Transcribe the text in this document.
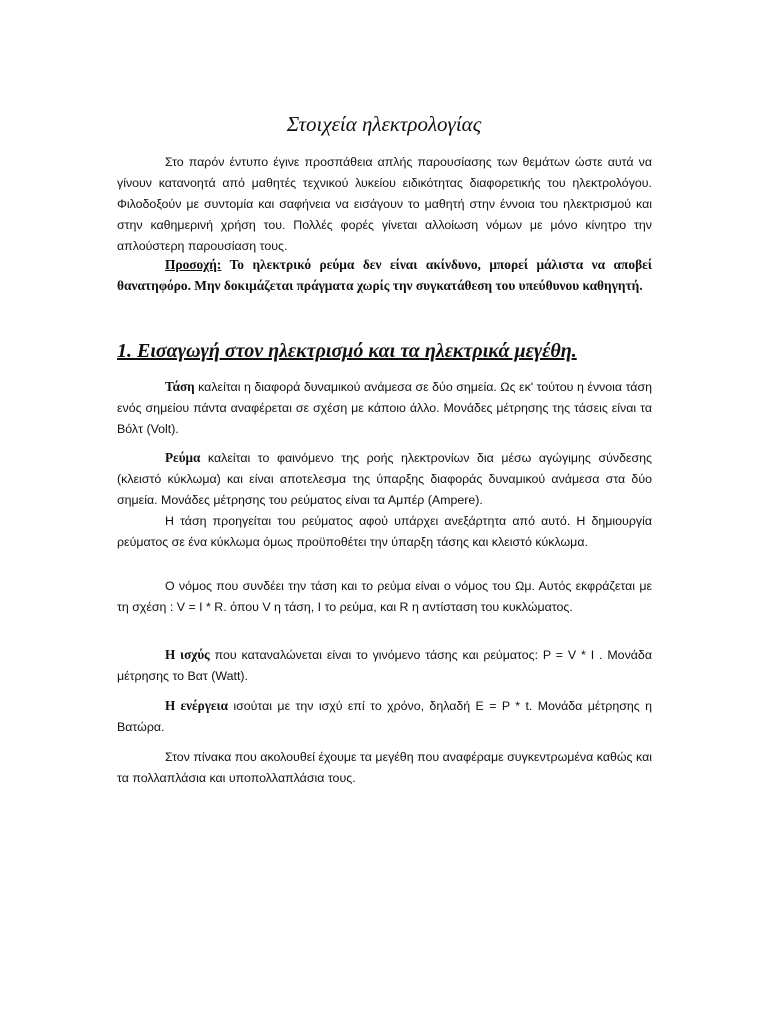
Στοιχεία ηλεκτρολογίας

Στο παρόν έντυπο έγινε προσπάθεια απλής παρουσίασης των θεμάτων ώστε αυτά να γίνουν κατανοητά από μαθητές τεχνικού λυκείου ειδικότητας διαφορετικής του ηλεκτρολόγου. Φιλοδοξούν με συντομία και σαφήνεια να εισάγουν το μαθητή στην έννοια του ηλεκτρισμού και στην καθημερινή χρήση του. Πολλές φορές γίνεται αλλοίωση νόμων με μόνο κίνητρο την απλούστερη παρουσίαση τους.

Προσοχή: Το ηλεκτρικό ρεύμα δεν είναι ακίνδυνο, μπορεί μάλιστα να αποβεί θανατηφόρο. Μην δοκιμάζεται πράγματα χωρίς την συγκατάθεση του υπεύθυνου καθηγητή.

1. Εισαγωγή στον ηλεκτρισμό και τα ηλεκτρικά μεγέθη.

Τάση καλείται η διαφορά δυναμικού ανάμεσα σε δύο σημεία. Ως εκ' τούτου η έννοια τάση ενός σημείου πάντα αναφέρεται σε σχέση με κάποιο άλλο. Μονάδες μέτρησης της τάσεις είναι τα Βόλτ (Volt).

Ρεύμα καλείται το φαινόμενο της ροής ηλεκτρονίων δια μέσω αγώγιμης σύνδεσης (κλειστό κύκλωμα) και είναι αποτελεσμα της ύπαρξης διαφοράς δυναμικού ανάμεσα στα δύο σημεία. Μονάδες μέτρησης του ρεύματος είναι τα Αμπέρ (Ampere).

Η τάση προηγείται του ρεύματος αφού υπάρχει ανεξάρτητα από αυτό. Η δημιουργία ρεύματος σε ένα κύκλωμα όμως προϋποθέτει την ύπαρξη τάσης και κλειστό κύκλωμα.

Ο νόμος που συνδέει την τάση και το ρεύμα είναι ο νόμος του Ωμ. Αυτός εκφράζεται με τη σχέση : V = I * R. όπου V η τάση, I το ρεύμα, και R η αντίσταση του κυκλώματος.

Η ισχύς που καταναλώνεται είναι το γινόμενο τάσης και ρεύματος: P = V * I . Μονάδα μέτρησης το Βατ (Watt).

Η ενέργεια ισούται με την ισχύ επί το χρόνο, δηλαδή E = P * t. Μονάδα μέτρησης η Βατώρα.

Στον πίνακα που ακολουθεί έχουμε τα μεγέθη που αναφέραμε συγκεντρωμένα καθώς και τα πολλαπλάσια και υποπολλαπλάσια τους.
